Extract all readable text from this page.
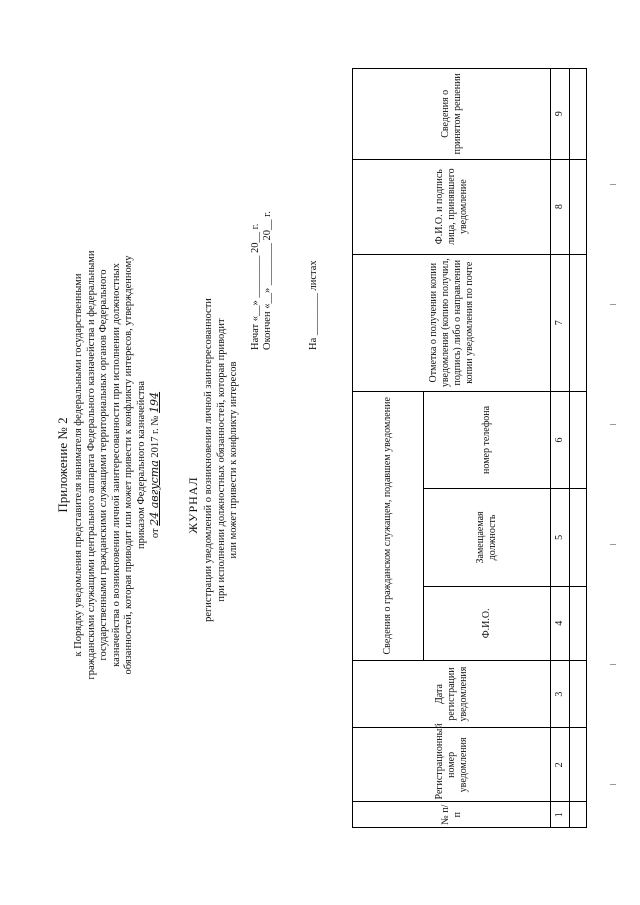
Приложение № 2 к Порядку уведомления представителя нанимателя федеральными государственными гражданскими служащими центрального аппарата Федерального казначейства и федеральными государственными гражданскими служащими территориальных органов Федерального казначейства о возникновении личной заинтересованности при исполнении должностных обязанностей, которая приводит или может привести к конфликту интересов, утвержденному приказом Федерального казначейства от 24 августа 2017 г. № 194
ЖУРНАЛ регистрации уведомлений о возникновении личной заинтересованности при исполнении должностных обязанностей, которая приводит или может привести к конфликту интересов
Начат «__» ________ 20__ г. Окончен «__» ________ 20__ г.	На ________ листах
№ п/п	Регистрационный номер уведомления	Дата регистрации уведомления	Сведения о гражданском служащем, подавшем уведомление			Отметка о получении копии уведомления (копию получил, подпись) либо о направлении копии уведомления по почте	Ф.И.О. и подпись лица, принявшего уведомление	Сведения о принятом решении
			Ф.И.О.	Замещаемая должность	номер телефона			
1	2	3	4	5	6	7	8	9
